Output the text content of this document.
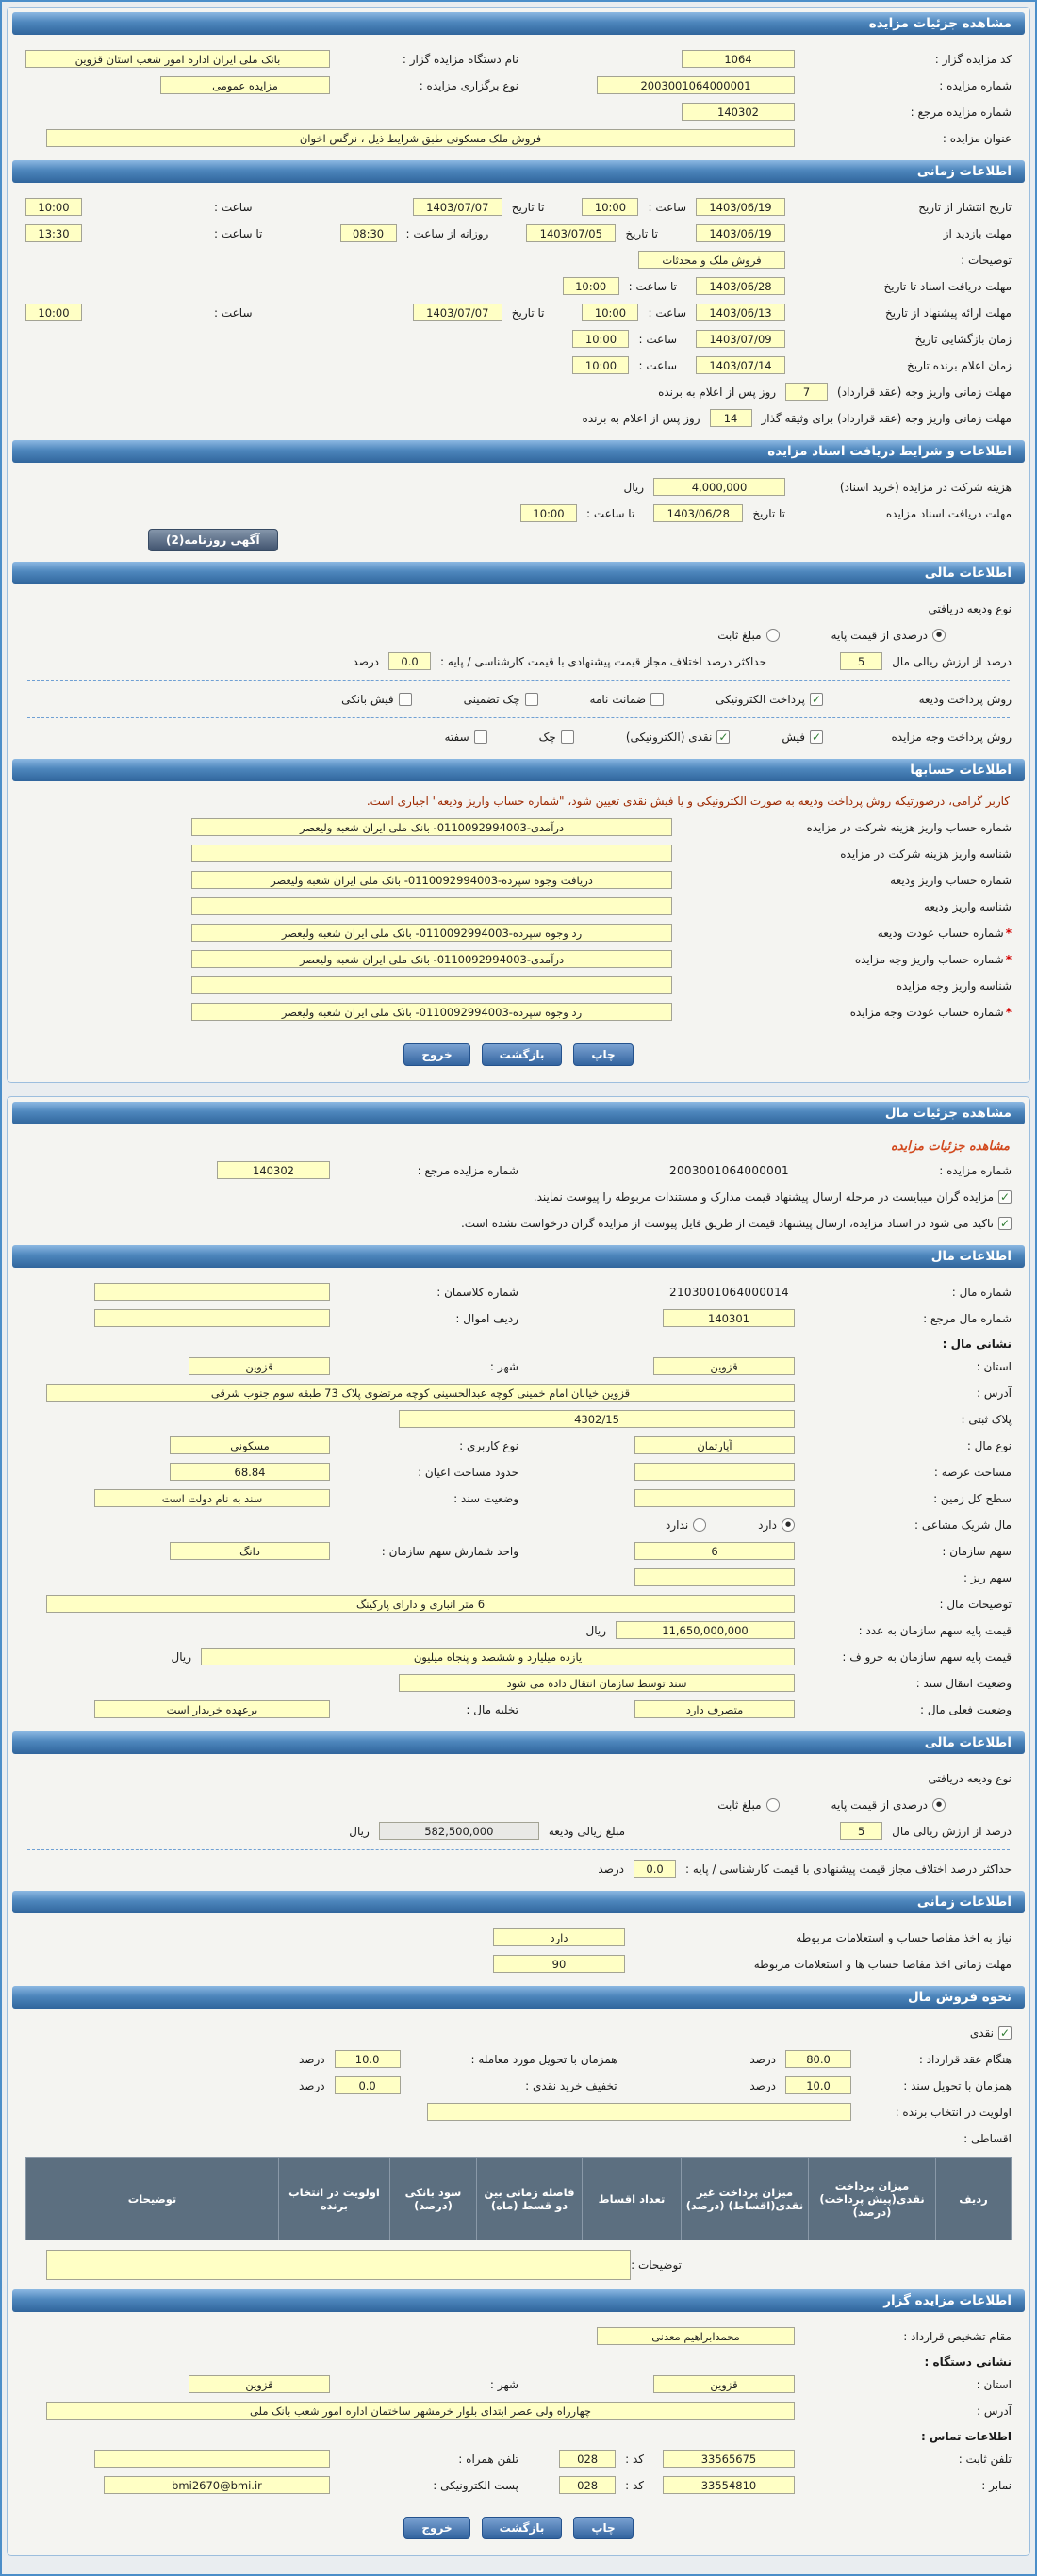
مشاهده جزئیات مزایده
کد مزایده گزار :
1064
نام دستگاه مزایده گزار :
بانک ملی ایران اداره امور شعب استان قزوین
شماره مزایده :
2003001064000001
نوع برگزاری مزایده :
مزایده عمومی
شماره مزایده مرجع :
140302
عنوان مزایده :
فروش ملک مسکونی طبق شرایط ذیل ، نرگس اخوان
اطلاعات زمانی
تاریخ انتشار از تاریخ
1403/06/19
ساعت :
10:00
تا تاریخ
1403/07/07
ساعت :
10:00
مهلت بازدید از
1403/06/19
تا تاریخ
1403/07/05
روزانه از ساعت :
08:30
تا ساعت :
13:30
توضیحات :
فروش ملک و محدثات
مهلت دریافت اسناد تا تاریخ
1403/06/28
تا ساعت :
10:00
مهلت ارائه پیشنهاد از تاریخ
1403/06/13
ساعت :
10:00
تا تاریخ
1403/07/07
ساعت :
10:00
زمان بازگشایی تاریخ
1403/07/09
ساعت :
10:00
زمان اعلام برنده تاریخ
1403/07/14
ساعت :
10:00
مهلت زمانی واریز وجه (عقد قرارداد)
7
روز پس از اعلام به برنده
مهلت زمانی واریز وجه (عقد قرارداد) برای وثیقه گذار
14
روز پس از اعلام به برنده
اطلاعات و شرایط دریافت اسناد مزایده
هزینه شرکت در مزایده (خرید اسناد)
4,000,000
ریال
مهلت دریافت اسناد مزایده
تا تاریخ
1403/06/28
تا ساعت :
10:00
آگهی روزنامه(2)
اطلاعات مالی
نوع ودیعه دریافتی
●
درصدی از قیمت پایه
مبلغ ثابت
درصد از ارزش ریالی مال
5
حداکثر درصد اختلاف مجاز قیمت پیشنهادی با قیمت کارشناسی / پایه :
0.0
درصد
روش پرداخت ودیعه
✓
پرداخت الکترونیکی
ضمانت نامه
چک تضمینی
فیش بانکی
روش پرداخت وجه مزایده
✓
فیش
✓
نقدی (الکترونیکی)
چک
سفته
اطلاعات حسابها
کاربر گرامی، درصورتیکه روش پرداخت ودیعه به صورت الکترونیکی و یا فیش نقدی تعیین شود، "شماره حساب واریز ودیعه" اجباری است.
شماره حساب واریز هزینه شرکت در مزایده
درآمدی-0110092994003- بانک ملی ایران شعبه ولیعصر
شناسه واریز هزینه شرکت در مزایده
شماره حساب واریز ودیعه
دریافت وجوه سپرده-0110092994003- بانک ملی ایران شعبه ولیعصر
شناسه واریز ودیعه
*شماره حساب عودت ودیعه
رد وجوه سپرده-0110092994003- بانک ملی ایران شعبه ولیعصر
*شماره حساب واریز وجه مزایده
درآمدی-0110092994003- بانک ملی ایران شعبه ولیعصر
شناسه واریز وجه مزایده
*شماره حساب عودت وجه مزایده
رد وجوه سپرده-0110092994003- بانک ملی ایران شعبه ولیعصر
چاپ
بازگشت
خروج
مشاهده جزئیات مال
مشاهده جزئیات مزایده
شماره مزایده :
2003001064000001
شماره مزایده مرجع :
140302
✓
مزایده گران میبایست در مرحله ارسال پیشنهاد قیمت مدارک و مستندات مربوطه را پیوست نمایند.
✓
تاکید می شود در اسناد مزایده، ارسال پیشنهاد قیمت از طریق فایل پیوست از مزایده گران درخواست نشده است.
اطلاعات مال
شماره مال :
2103001064000014
شماره کلاسمان :
شماره مال مرجع :
140301
ردیف اموال :
نشانی مال :
استان :
قزوین
شهر :
قزوین
آدرس :
قزوین خیابان امام خمینی کوچه عبدالحسینی کوچه مرتضوی پلاک 73 طبقه سوم جنوب شرقی
پلاک ثبتی :
4302/15
نوع مال :
آپارتمان
نوع کاربری :
مسکونی
مساحت عرصه :
حدود مساحت اعیان :
68.84
سطح کل زمین :
وضعیت سند :
سند به نام دولت است
مال شریک مشاعی :
●
دارد
ندارد
سهم سازمان :
6
واحد شمارش سهم سازمان :
دانگ
سهم ریز :
توضیحات مال :
6 متر انباری و دارای پارکینگ
قیمت پایه سهم سازمان به عدد :
11,650,000,000
ریال
قیمت پایه سهم سازمان به حرو ف :
یازده میلیارد و ششصد و پنجاه میلیون
ریال
وضعیت انتقال سند :
سند توسط سازمان انتقال داده می شود
وضعیت فعلی مال :
متصرف دارد
تخلیه مال :
برعهده خریدار است
اطلاعات مالی
نوع ودیعه دریافتی
●
درصدی از قیمت پایه
مبلغ ثابت
درصد از ارزش ریالی مال
5
مبلغ ریالی ودیعه
582,500,000
ریال
حداکثر درصد اختلاف مجاز قیمت پیشنهادی با قیمت کارشناسی / پایه :
0.0
درصد
اطلاعات زمانی
نیاز به اخذ مفاصا حساب و استعلامات مربوطه
دارد
مهلت زمانی اخذ مفاصا حساب ها و استعلامات مربوطه
90
نحوه فروش مال
✓
نقدی
هنگام عقد قرارداد :
80.0
درصد
همزمان با تحویل مورد معامله :
10.0
درصد
همزمان با تحویل سند :
10.0
درصد
تخفیف خرید نقدی :
0.0
درصد
اولویت در انتخاب برنده :
اقساطی :
ردیف	میزان پرداخت نقدی(پیش پرداخت) (درصد)	میزان پرداخت غیر نقدی(اقساط) (درصد)	تعداد اقساط	فاصله زمانی بین دو قسط (ماه)	سود بانکی (درصد)	اولویت در انتخاب برنده	توضیحات
توضیحات :
اطلاعات مزایده گزار
مقام تشخیص قرارداد :
محمدابراهیم معدنی
نشانی دستگاه :
استان :
قزوین
شهر :
قزوین
آدرس :
چهارراه ولی عصر ابتدای بلوار خرمشهر ساختمان اداره امور شعب بانک ملی
اطلاعات تماس :
تلفن ثابت :
33565675
کد :
028
تلفن همراه :
نمابر :
33554810
کد :
028
پست الکترونیکی :
bmi2670@bmi.ir
چاپ
بازگشت
خروج
